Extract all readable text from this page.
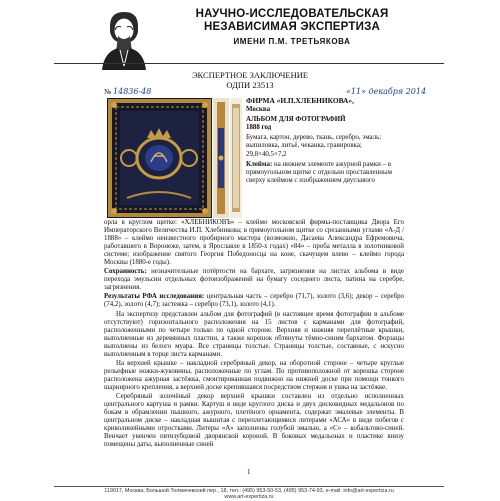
НАУЧНО-ИССЛЕДОВАТЕЛЬСКАЯ
НЕЗАВИСИМАЯ ЭКСПЕРТИЗА
ИМЕНИ П.М. ТРЕТЬЯКОВА
ЭКСПЕРТНОЕ ЗАКЛЮЧЕНИЕ
ОДПИ 23513
№ 14836-48	«11» декабря 2014

ФИРМА «И.П.ХЛЕБНИКОВА»,
Москва

АЛЬБОМ ДЛЯ ФОТОГРАФИЙ
1888 год

Бумага, картон, дерево, ткань, серебро, эмаль; выпиловка, литьё, чеканка, гравировка; 29,8×40,5×7,2

Клейма: на нижнем элементе ажурной рамки – в прямоугольном щитке с отдельно проставленным сверху клеймом с изображением двуглавого

орла в круглом щитке: «ХЛЕБНИКОВЪ» – клеймо московской фирмы-поставщика Двора Его Императорского Величества И.П. Хлебникова; в прямоугольном щитке со срезанными углами «А-Д / 1888» – клеймо неизвестного пробирного мастера (возможно, Дасаева Александра Ефремовича, работавшего в Воронеже, затем, в Ярославле в 1850-х годах) «84» – проба металла в золотниковой системе; изображение святого Георгия Победоносца на коне, скачущем влево – клеймо города Москвы (1880-е годы).

Сохранность: незначительные потёртости на бархате, загрязнения на листах альбома в виде перехода эмульсии отдельных фотоизображений на бумагу соседнего листа, патина на серебре, загрязнения.

Результаты РФА исследования: центральная часть – серебро (71,7), золото (3,6); декор – серебро (74,2), золото (4,7); застежка – серебро (73,1), золото (4,1).

На экспертизу представлен альбом для фотографий (в настоящее время фотографии в альбоме отсутствуют) горизонтального расположения на 15 листов с карманами для фотографий, расположенными по четыре только по одной стороне. Верхняя и нижняя переплётные крышки, выполненные из деревянных пластин, а также корешок обтянуты тёмно-синим бархатом. Форзацы выполнены из белого муара. Все страницы толстые. Страницы толстые, составные, с искусно выполненным в торце листа карманами.

На верхней крышке – накладной серебряный декор, на оборотной стороне – четыре круглые рельефные ножки-жуковины, расположенные по углам. По противоположной от корешка стороне расположена ажурная застёжка, смонтированная подвижно на нижней доске при помощи тонкого шарнирного крепления, а верхней доске крепившаяся посредством стержня и ушка на застёжке.

Серебряный золочёный декор верхней крышки составлен из отдельно исполненных центрального картуша и рамки. Картуш в виде круглого диска и двух дисковидных медальонов по бокам в обрамлении пышного, ажурного, плетёного орнамента, содержат эмалевые элементы. В центральном диске – накладная вышитая с переплетающимися литерами «АСА» в виде побегов с криволинейными отростками. Литеры «А» заполнены голубой эмалью, а «С» – кобальтово-синей. Венчает увенчен пятизубцовой дворянской короной. В боковых медальонах и пластике внизу помещены даты, выполненные синей

1
119017, Москва, Большой Толмачевский пер., 18, тел.: (495) 953-50-53, (495) 953-74-93, e-mail: info@art-expertiza.ru
www.art-expertiza.ru
